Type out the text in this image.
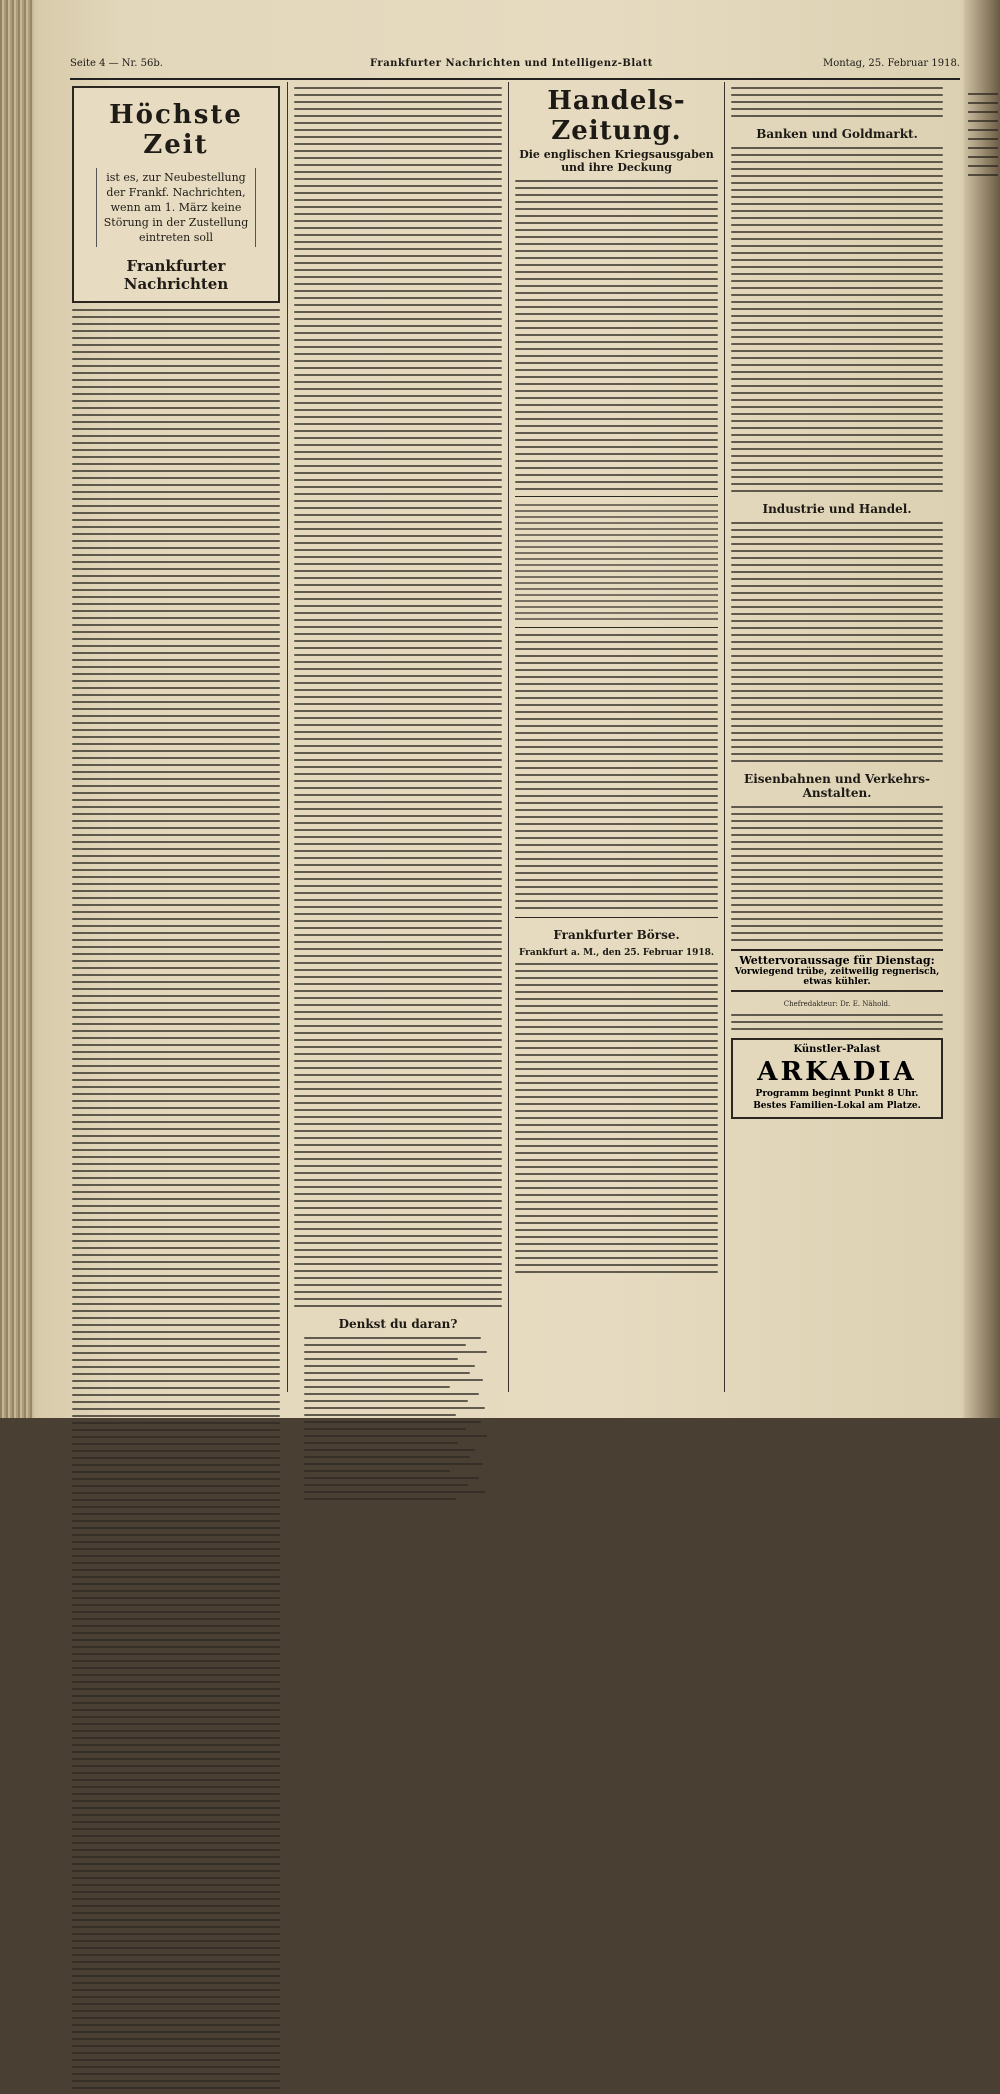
Seite 4 — Nr. 56b.	Frankfurter Nachrichten und Intelligenz-Blatt	Montag, 25. Februar 1918.
Höchste Zeit
ist es, zur Neubestellung der Frankf. Nachrichten, wenn am 1. März keine Störung in der Zustellung eintreten soll
Frankfurter Nachrichten
Denkst du daran?
Handels-Zeitung.
Die englischen Kriegsausgaben und ihre Deckung
Frankfurter Börse.
Frankfurt a. M., den 25. Februar 1918.
Banken und Goldmarkt.
Industrie und Handel.
Eisenbahnen und Verkehrs-Anstalten.
Wettervoraussage für Dienstag:
Vorwiegend trübe, zeitweilig regnerisch, etwas kühler.
Chefredakteur: Dr. E. Nähold.
Künstler-Palast
ARKADIA
Programm beginnt Punkt 8 Uhr.
Bestes Familien-Lokal am Platze.
